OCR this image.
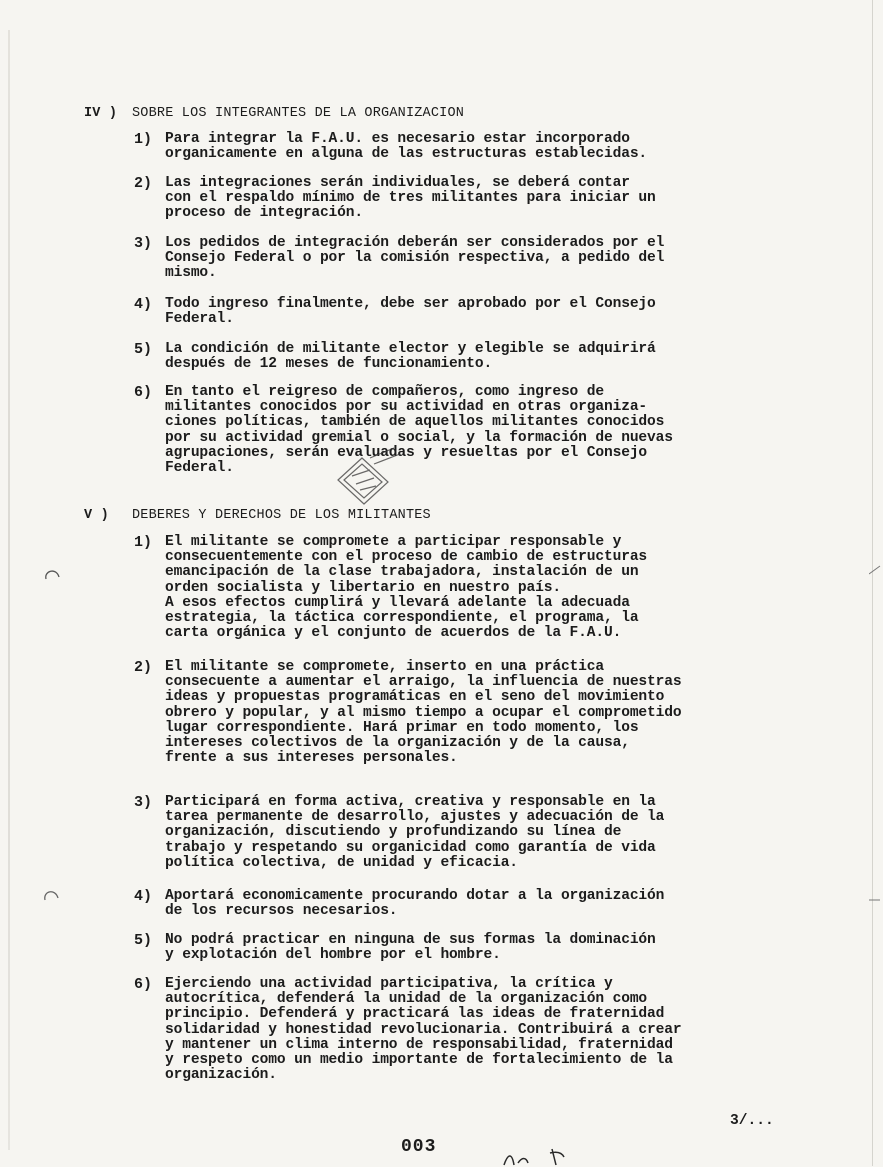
IV ) SOBRE LOS INTEGRANTES DE LA ORGANIZACION
1) Para integrar la F.A.U. es necesario estar incorporado
organicamente en alguna de las estructuras establecidas.
2) Las integraciones serán individuales, se deberá contar
con el respaldo mínimo de tres militantes para iniciar un
proceso de integración.
3) Los pedidos de integración deberán ser considerados por el
Consejo Federal o por la comisión respectiva, a pedido del
mismo.
4) Todo ingreso finalmente, debe ser aprobado por el Consejo
Federal.
5) La condición de militante elector y elegible se adquirirá
después de 12 meses de funcionamiento.
6) En tanto el reigreso de compañeros, como ingreso de
militantes conocidos por su actividad en otras organiza-
ciones políticas, también de aquellos militantes conocidos
por su actividad gremial o social, y la formación de nuevas
agrupaciones, serán evaluadas y resueltas por el Consejo
Federal.
V ) DEBERES Y DERECHOS DE LOS MILITANTES
1) El militante se compromete a participar responsable y
consecuentemente con el proceso de cambio de estructuras
emancipación de la clase trabajadora, instalación de un
orden socialista y libertario en nuestro país.
A esos efectos cumplirá y llevará adelante la adecuada
estrategia, la táctica correspondiente, el programa, la
carta orgánica y el conjunto de acuerdos de la F.A.U.
2) El militante se compromete, inserto en una práctica
consecuente a aumentar el arraigo, la influencia de nuestras
ideas y propuestas programáticas en el seno del movimiento
obrero y popular, y al mismo tiempo a ocupar el comprometido
lugar correspondiente. Hará primar en todo momento, los
intereses colectivos de la organización y de la causa,
frente a sus intereses personales.
3) Participará en forma activa, creativa y responsable en la
tarea permanente de desarrollo, ajustes y adecuación de la
organización, discutiendo y profundizando su línea de
trabajo y respetando su organicidad como garantía de vida
política colectiva, de unidad y eficacia.
4) Aportará economicamente procurando dotar a la organización
de los recursos necesarios.
5) No podrá practicar en ninguna de sus formas la dominación
y explotación del hombre por el hombre.
6) Ejerciendo una actividad participativa, la crítica y
autocrítica, defenderá la unidad de la organización como
principio. Defenderá y practicará las ideas de fraternidad
solidaridad y honestidad revolucionaria. Contribuirá a crear
y mantener un clima interno de responsabilidad, fraternidad
y respeto como un medio importante de fortalecimiento de la
organización.
3/...
003
